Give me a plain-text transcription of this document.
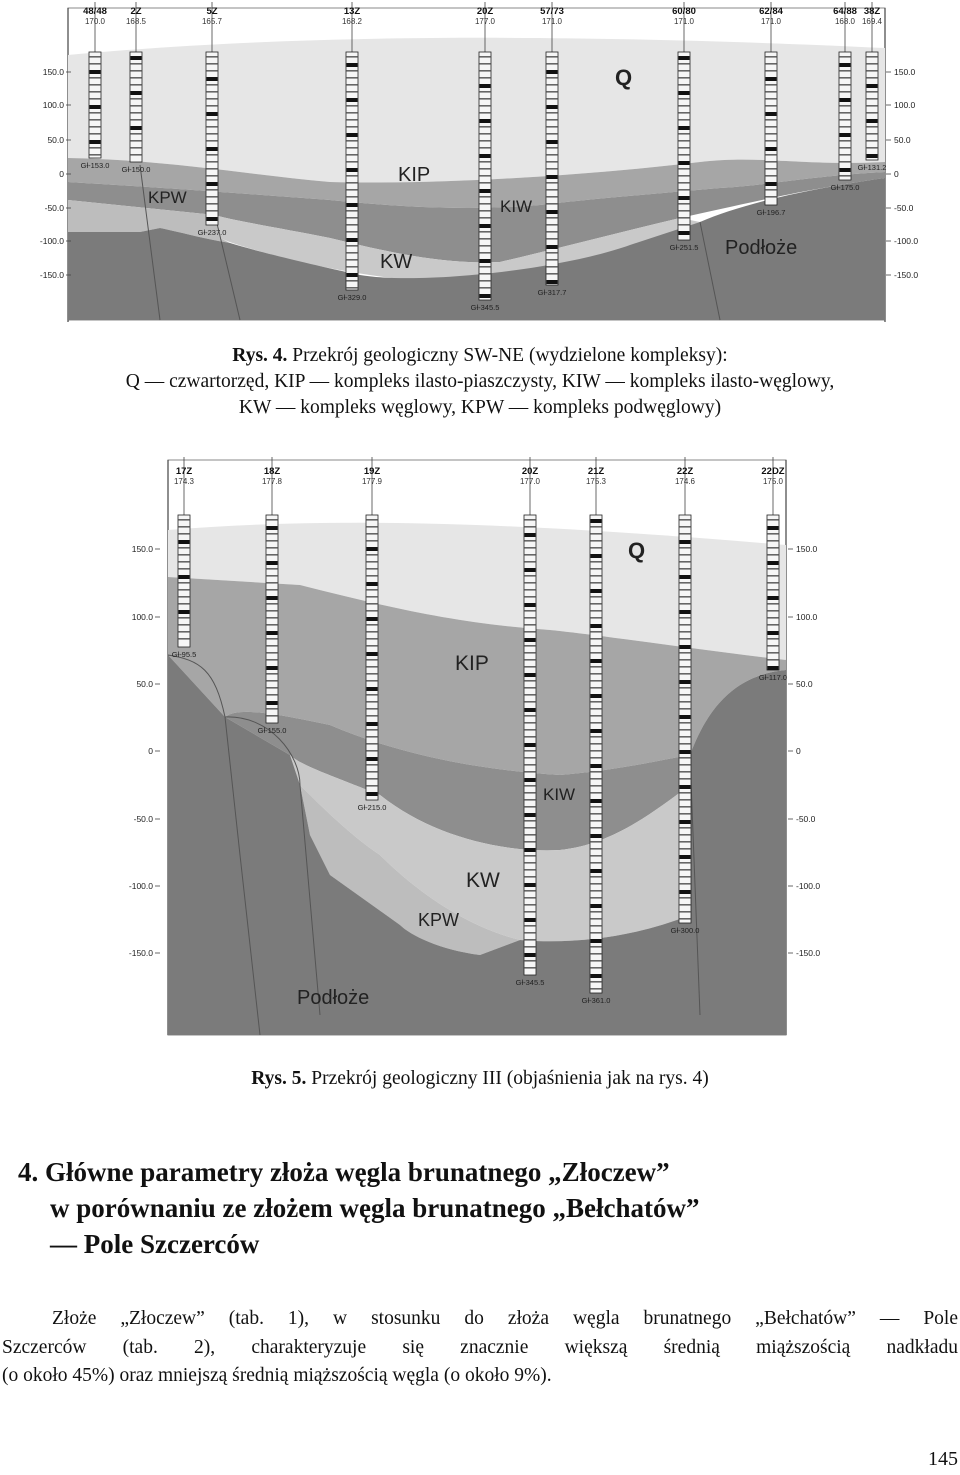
48/48
170.0
Gł-153.0
2Z
168.5
Gł-150.0
5Z
165.7
Gł-237.0
13Z
168.2
Gł-329.0
20Z
177.0
Gł-345.5
57/73
171.0
Gł-317.7
60/80
171.0
Gł-251.5
62/84
171.0
Gł-196.7
64/88
168.0
Gł-175.0
38Z
169.4
Gł-131.2
150.0
100.0
50.0
0
-50.0
-100.0
-150.0
150.0
100.0
50.0
0
-50.0
-100.0
-150.0
Q
KIP
KIW
KW
KPW
Podłoże
Rys. 4. Przekrój geologiczny SW-NE (wydzielone kompleksy):
Q — czwartorzęd, KIP — kompleks ilasto-piaszczysty, KIW — kompleks ilasto-węglowy,
KW — kompleks węglowy, KPW — kompleks podwęglowy)
17Z
174.3
Gł-95.5
18Z
177.8
Gł-155.0
19Z
177.9
Gł-215.0
20Z
177.0
Gł-345.5
21Z
175.3
Gł-361.0
22Z
174.6
Gł-300.0
22DZ
175.0
Gł-117.0
150.0
100.0
50.0
0
-50.0
-100.0
-150.0
150.0
100.0
50.0
0
-50.0
-100.0
-150.0
Q
KIP
KIW
KW
KPW
Podłoże
Rys. 5. Przekrój geologiczny III (objaśnienia jak na rys. 4)
4. Główne parametry złoża węgla brunatnego „Złoczew”
w porównaniu ze złożem węgla brunatnego „Bełchatów”
— Pole Szczerców
Złoże „Złoczew” (tab. 1), w stosunku do złoża węgla brunatnego „Bełchatów” — Pole
Szczerców (tab. 2), charakteryzuje się znacznie większą średnią miąższością nadkładu
(o około 45%) oraz mniejszą średnią miąższością węgla (o około 9%).
145
